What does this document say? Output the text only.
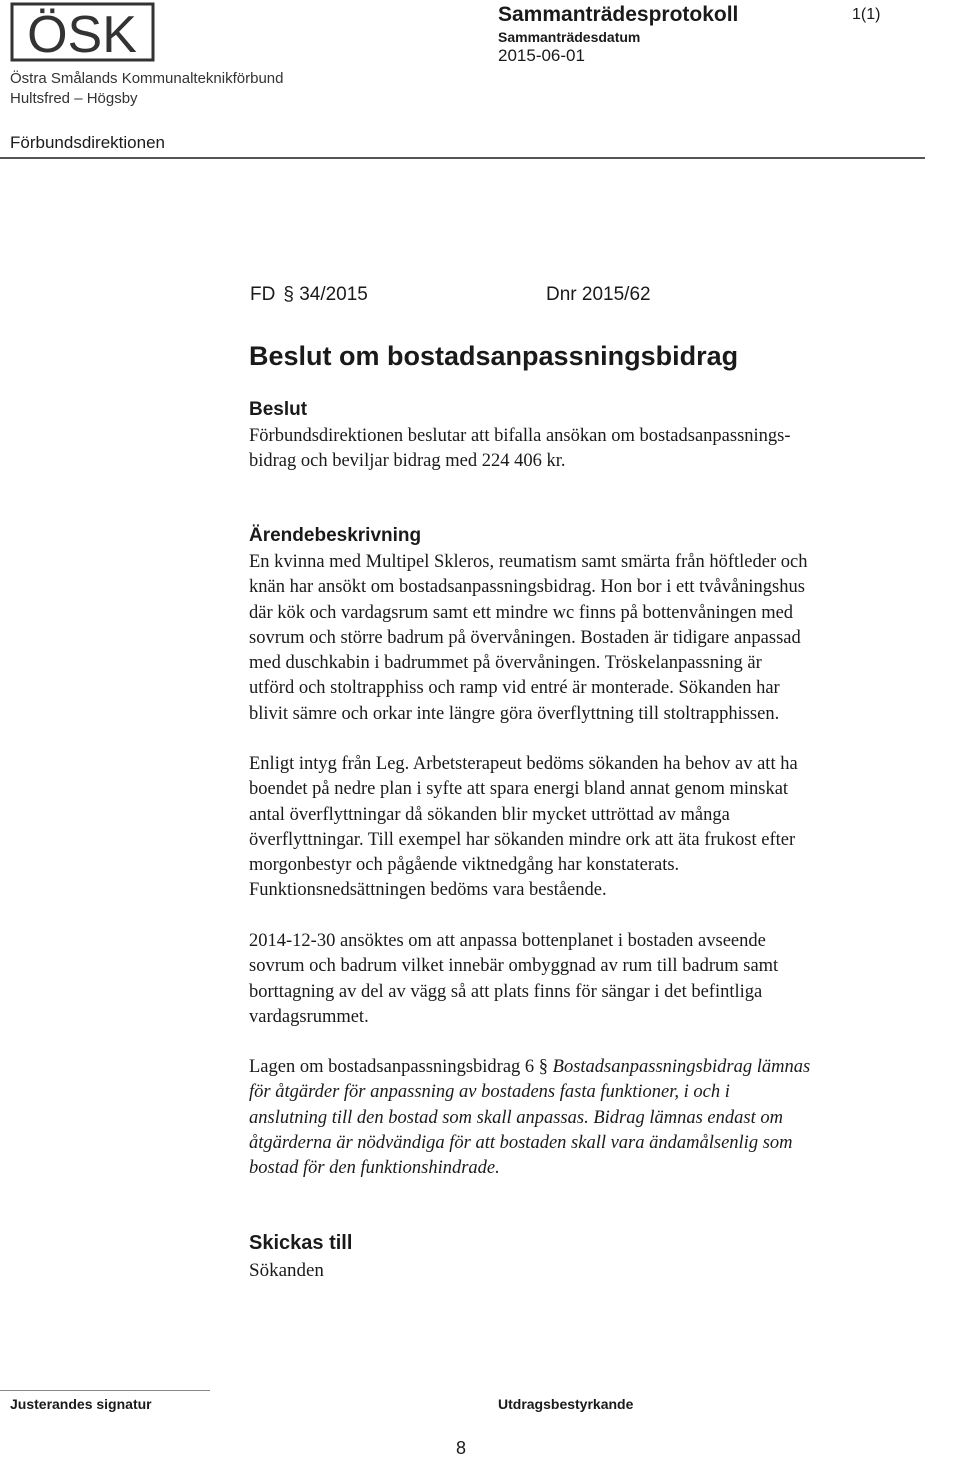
ÖSK
Östra Smålands Kommunalteknikförbund
Hultsfred – Högsby
Sammanträdesprotokoll	1(1)
Sammanträdesdatum
2015-06-01
Förbundsdirektionen
FD § 34/2015	Dnr 2015/62
Beslut om bostadsanpassningsbidrag
Beslut
Förbundsdirektionen beslutar att bifalla ansökan om bostadsanpassnings-
bidrag och beviljar bidrag med 224 406 kr.
Ärendebeskrivning
En kvinna med Multipel Skleros, reumatism samt smärta från höftleder och
knän har ansökt om bostadsanpassningsbidrag. Hon bor i ett tvåvåningshus
där kök och vardagsrum samt ett mindre wc finns på bottenvåningen med
sovrum och större badrum på övervåningen. Bostaden är tidigare anpassad
med duschkabin i badrummet på övervåningen. Tröskelanpassning är
utförd och stoltrapphiss och ramp vid entré är monterade. Sökanden har
blivit sämre och orkar inte längre göra överflyttning till stoltrapphissen.
Enligt intyg från Leg. Arbetsterapeut bedöms sökanden ha behov av att ha
boendet på nedre plan i syfte att spara energi bland annat genom minskat
antal överflyttningar då sökanden blir mycket uttröttad av många
överflyttningar. Till exempel har sökanden mindre ork att äta frukost efter
morgonbestyr och pågående viktnedgång har konstaterats.
Funktionsnedsättningen bedöms vara bestående.
2014-12-30 ansöktes om att anpassa bottenplanet i bostaden avseende
sovrum och badrum vilket innebär ombyggnad av rum till badrum samt
borttagning av del av vägg så att plats finns för sängar i det befintliga
vardagsrummet.
Lagen om bostadsanpassningsbidrag 6 § Bostadsanpassningsbidrag lämnas
för åtgärder för anpassning av bostadens fasta funktioner, i och i
anslutning till den bostad som skall anpassas. Bidrag lämnas endast om
åtgärderna är nödvändiga för att bostaden skall vara ändamålsenlig som
bostad för den funktionshindrade.
Skickas till
Sökanden
Justerandes signatur	Utdragsbestyrkande
8
